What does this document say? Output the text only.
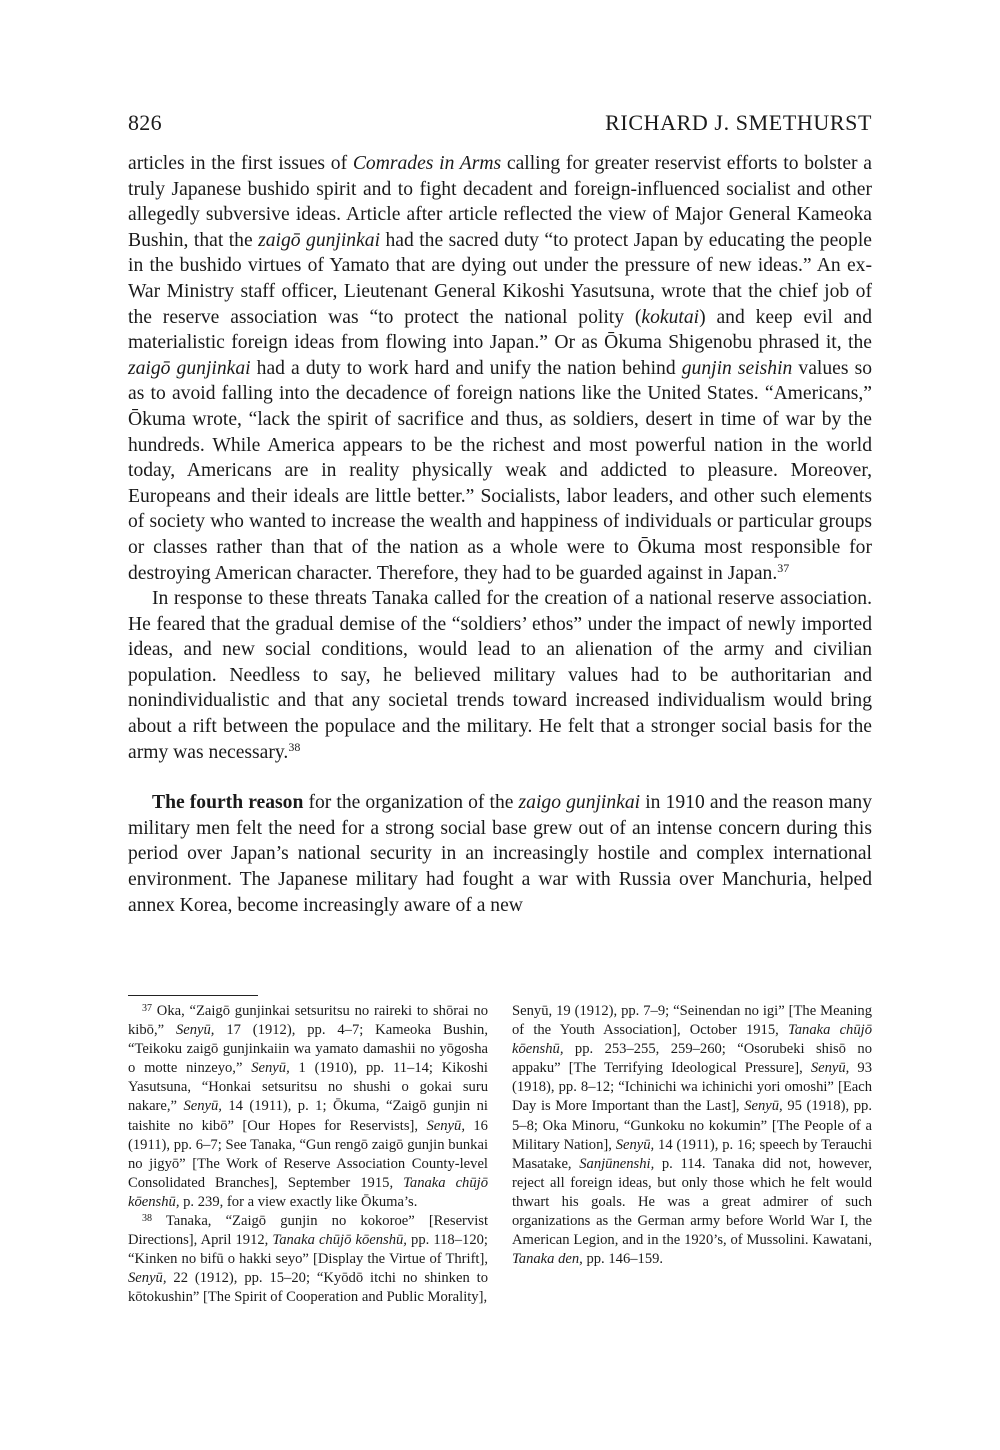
826	RICHARD J. SMETHURST

articles in the first issues of Comrades in Arms calling for greater reservist efforts to bolster a truly Japanese bushido spirit and to fight decadent and foreign-influenced socialist and other allegedly subversive ideas. Article after article reflected the view of Major General Kameoka Bushin, that the zaigō gunjinkai had the sacred duty “to protect Japan by educating the people in the bushido virtues of Yamato that are dying out under the pressure of new ideas.” An ex-War Ministry staff officer, Lieutenant General Kikoshi Yasutsuna, wrote that the chief job of the reserve association was “to protect the national polity (kokutai) and keep evil and materialistic foreign ideas from flowing into Japan.” Or as Ōkuma Shigenobu phrased it, the zaigō gunjinkai had a duty to work hard and unify the nation behind gunjin seishin values so as to avoid falling into the decadence of foreign nations like the United States. “Americans,” Ōkuma wrote, “lack the spirit of sacrifice and thus, as soldiers, desert in time of war by the hundreds. While America appears to be the richest and most powerful nation in the world today, Americans are in reality physically weak and addicted to pleasure. Moreover, Europeans and their ideals are little better.” Socialists, labor leaders, and other such elements of society who wanted to increase the wealth and happiness of individuals or particular groups or classes rather than that of the nation as a whole were to Ōkuma most responsible for destroying American character. Therefore, they had to be guarded against in Japan.$^{37}$

In response to these threats Tanaka called for the creation of a national reserve association. He feared that the gradual demise of the “soldiers’ ethos” under the impact of newly imported ideas, and new social conditions, would lead to an alienation of the army and civilian population. Needless to say, he believed military values had to be authoritarian and nonindividualistic and that any societal trends toward increased individualism would bring about a rift between the populace and the military. He felt that a stronger social basis for the army was necessary.$^{38}$

The fourth reason for the organization of the zaigo gunjinkai in 1910 and the reason many military men felt the need for a strong social base grew out of an intense concern during this period over Japan’s national security in an increasingly hostile and complex international environment. The Japanese military had fought a war with Russia over Manchuria, helped annex Korea, become increasingly aware of a new

$^{37}$ Oka, “Zaigō gunjinkai setsuritsu no raireki to shōrai no kibō,” Senyū, 17 (1912), pp. 4–7; Kameoka Bushin, “Teikoku zaigō gunjinkaiin wa yamato damashii no yōgosha o motte ninzeyo,” Senyū, 1 (1910), pp. 11–14; Kikoshi Yasutsuna, “Honkai setsuritsu no shushi o gokai suru nakare,” Senyū, 14 (1911), p. 1; Ōkuma, “Zaigō gunjin ni taishite no kibō” [Our Hopes for Reservists], Senyū, 16 (1911), pp. 6–7; See Tanaka, “Gun rengō zaigō gunjin bunkai no jigyō” [The Work of Reserve Association County-level Consolidated Branches], September 1915, Tanaka chūjō kōenshū, p. 239, for a view exactly like Ōkuma’s.

$^{38}$ Tanaka, “Zaigō gunjin no kokoroe” [Reservist Directions], April 1912, Tanaka chūjō kōenshū, pp. 118–120; “Kinken no bifū o hakki seyo” [Display the Virtue of Thrift], Senyū, 22 (1912), pp. 15–20; “Kyōdō itchi no shinken to kōtokushin” [The Spirit of Cooperation and Public Morality],

Senyū, 19 (1912), pp. 7–9; “Seinendan no igi” [The Meaning of the Youth Association], October 1915, Tanaka chūjō kōenshū, pp. 253–255, 259–260; “Osorubeki shisō no appaku” [The Terrifying Ideological Pressure], Senyū, 93 (1918), pp. 8–12; “Ichinichi wa ichinichi yori omoshi” [Each Day is More Important than the Last], Senyū, 95 (1918), pp. 5–8; Oka Minoru, “Gunkoku no kokumin” [The People of a Military Nation], Senyū, 14 (1911), p. 16; speech by Terauchi Masatake, Sanjūnenshi, p. 114. Tanaka did not, however, reject all foreign ideas, but only those which he felt would thwart his goals. He was a great admirer of such organizations as the German army before World War I, the American Legion, and in the 1920’s, of Mussolini. Kawatani, Tanaka den, pp. 146–159.
